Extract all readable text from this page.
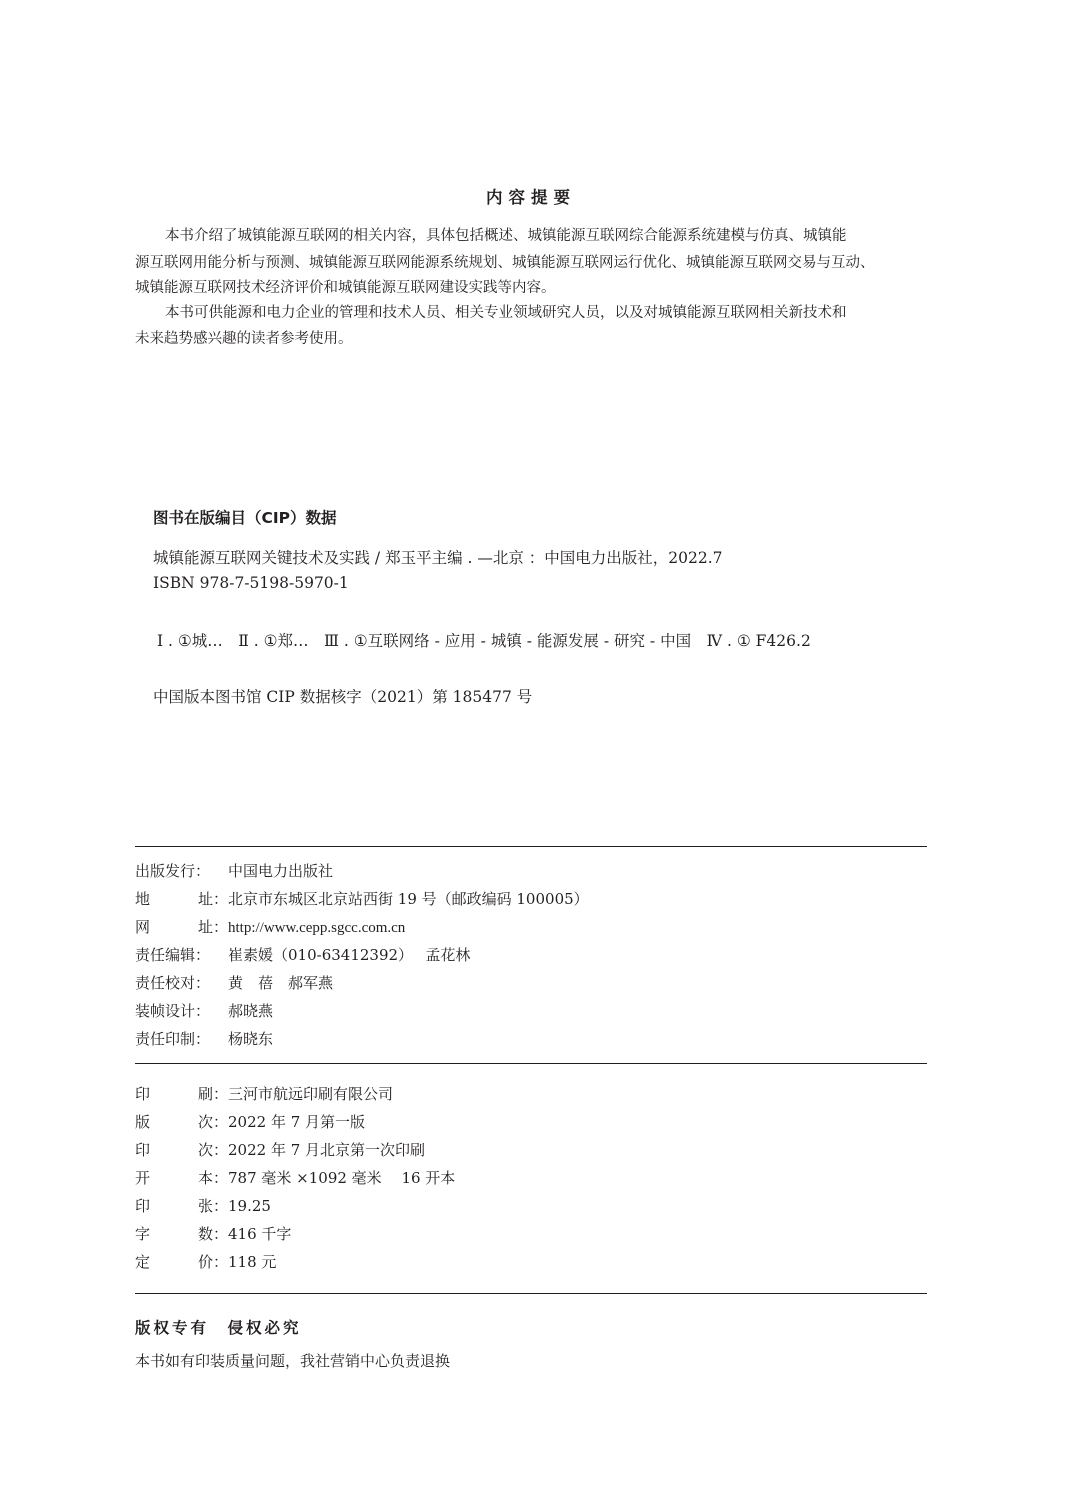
内容提要
本书介绍了城镇能源互联网的相关内容，具体包括概述、城镇能源互联网综合能源系统建模与仿真、城镇能
源互联网用能分析与预测、城镇能源互联网能源系统规划、城镇能源互联网运行优化、城镇能源互联网交易与互动、
城镇能源互联网技术经济评价和城镇能源互联网建设实践等内容。
本书可供能源和电力企业的管理和技术人员、相关专业领域研究人员，以及对城镇能源互联网相关新技术和
未来趋势感兴趣的读者参考使用。
图书在版编目（CIP）数据
城镇能源互联网关键技术及实践 / 郑玉平主编 . —北京 ：中国电力出版社，2022.7
ISBN 978-7-5198-5970-1
Ⅰ . ①城…　Ⅱ . ①郑…　Ⅲ . ①互联网络 - 应用 - 城镇 - 能源发展 - 研究 - 中国　Ⅳ . ① F426.2
中国版本图书馆 CIP 数据核字（2021）第 185477 号
出版发行：	中国电力出版社
地	址 ： 北京市东城区北京站西街 19 号（邮政编码 100005）
网	址 ： http://www.cepp.sgcc.com.cn
责任编辑：	崔素媛（010-63412392）　 孟花林
责任校对：	黄　蓓　郝军燕
装帧设计：	郝晓燕
责任印制：	杨晓东
印	刷 ： 三河市航远印刷有限公司
版	次 ： 2022 年 7 月第一版
印	次 ： 2022 年 7 月北京第一次印刷
开	本 ： 787 毫米 ×1092 毫米　 16 开本
印	张 ： 19.25
字	数 ： 416 千字
定	价 ： 118 元
版权专有　侵权必究
本书如有印装质量问题，我社营销中心负责退换
